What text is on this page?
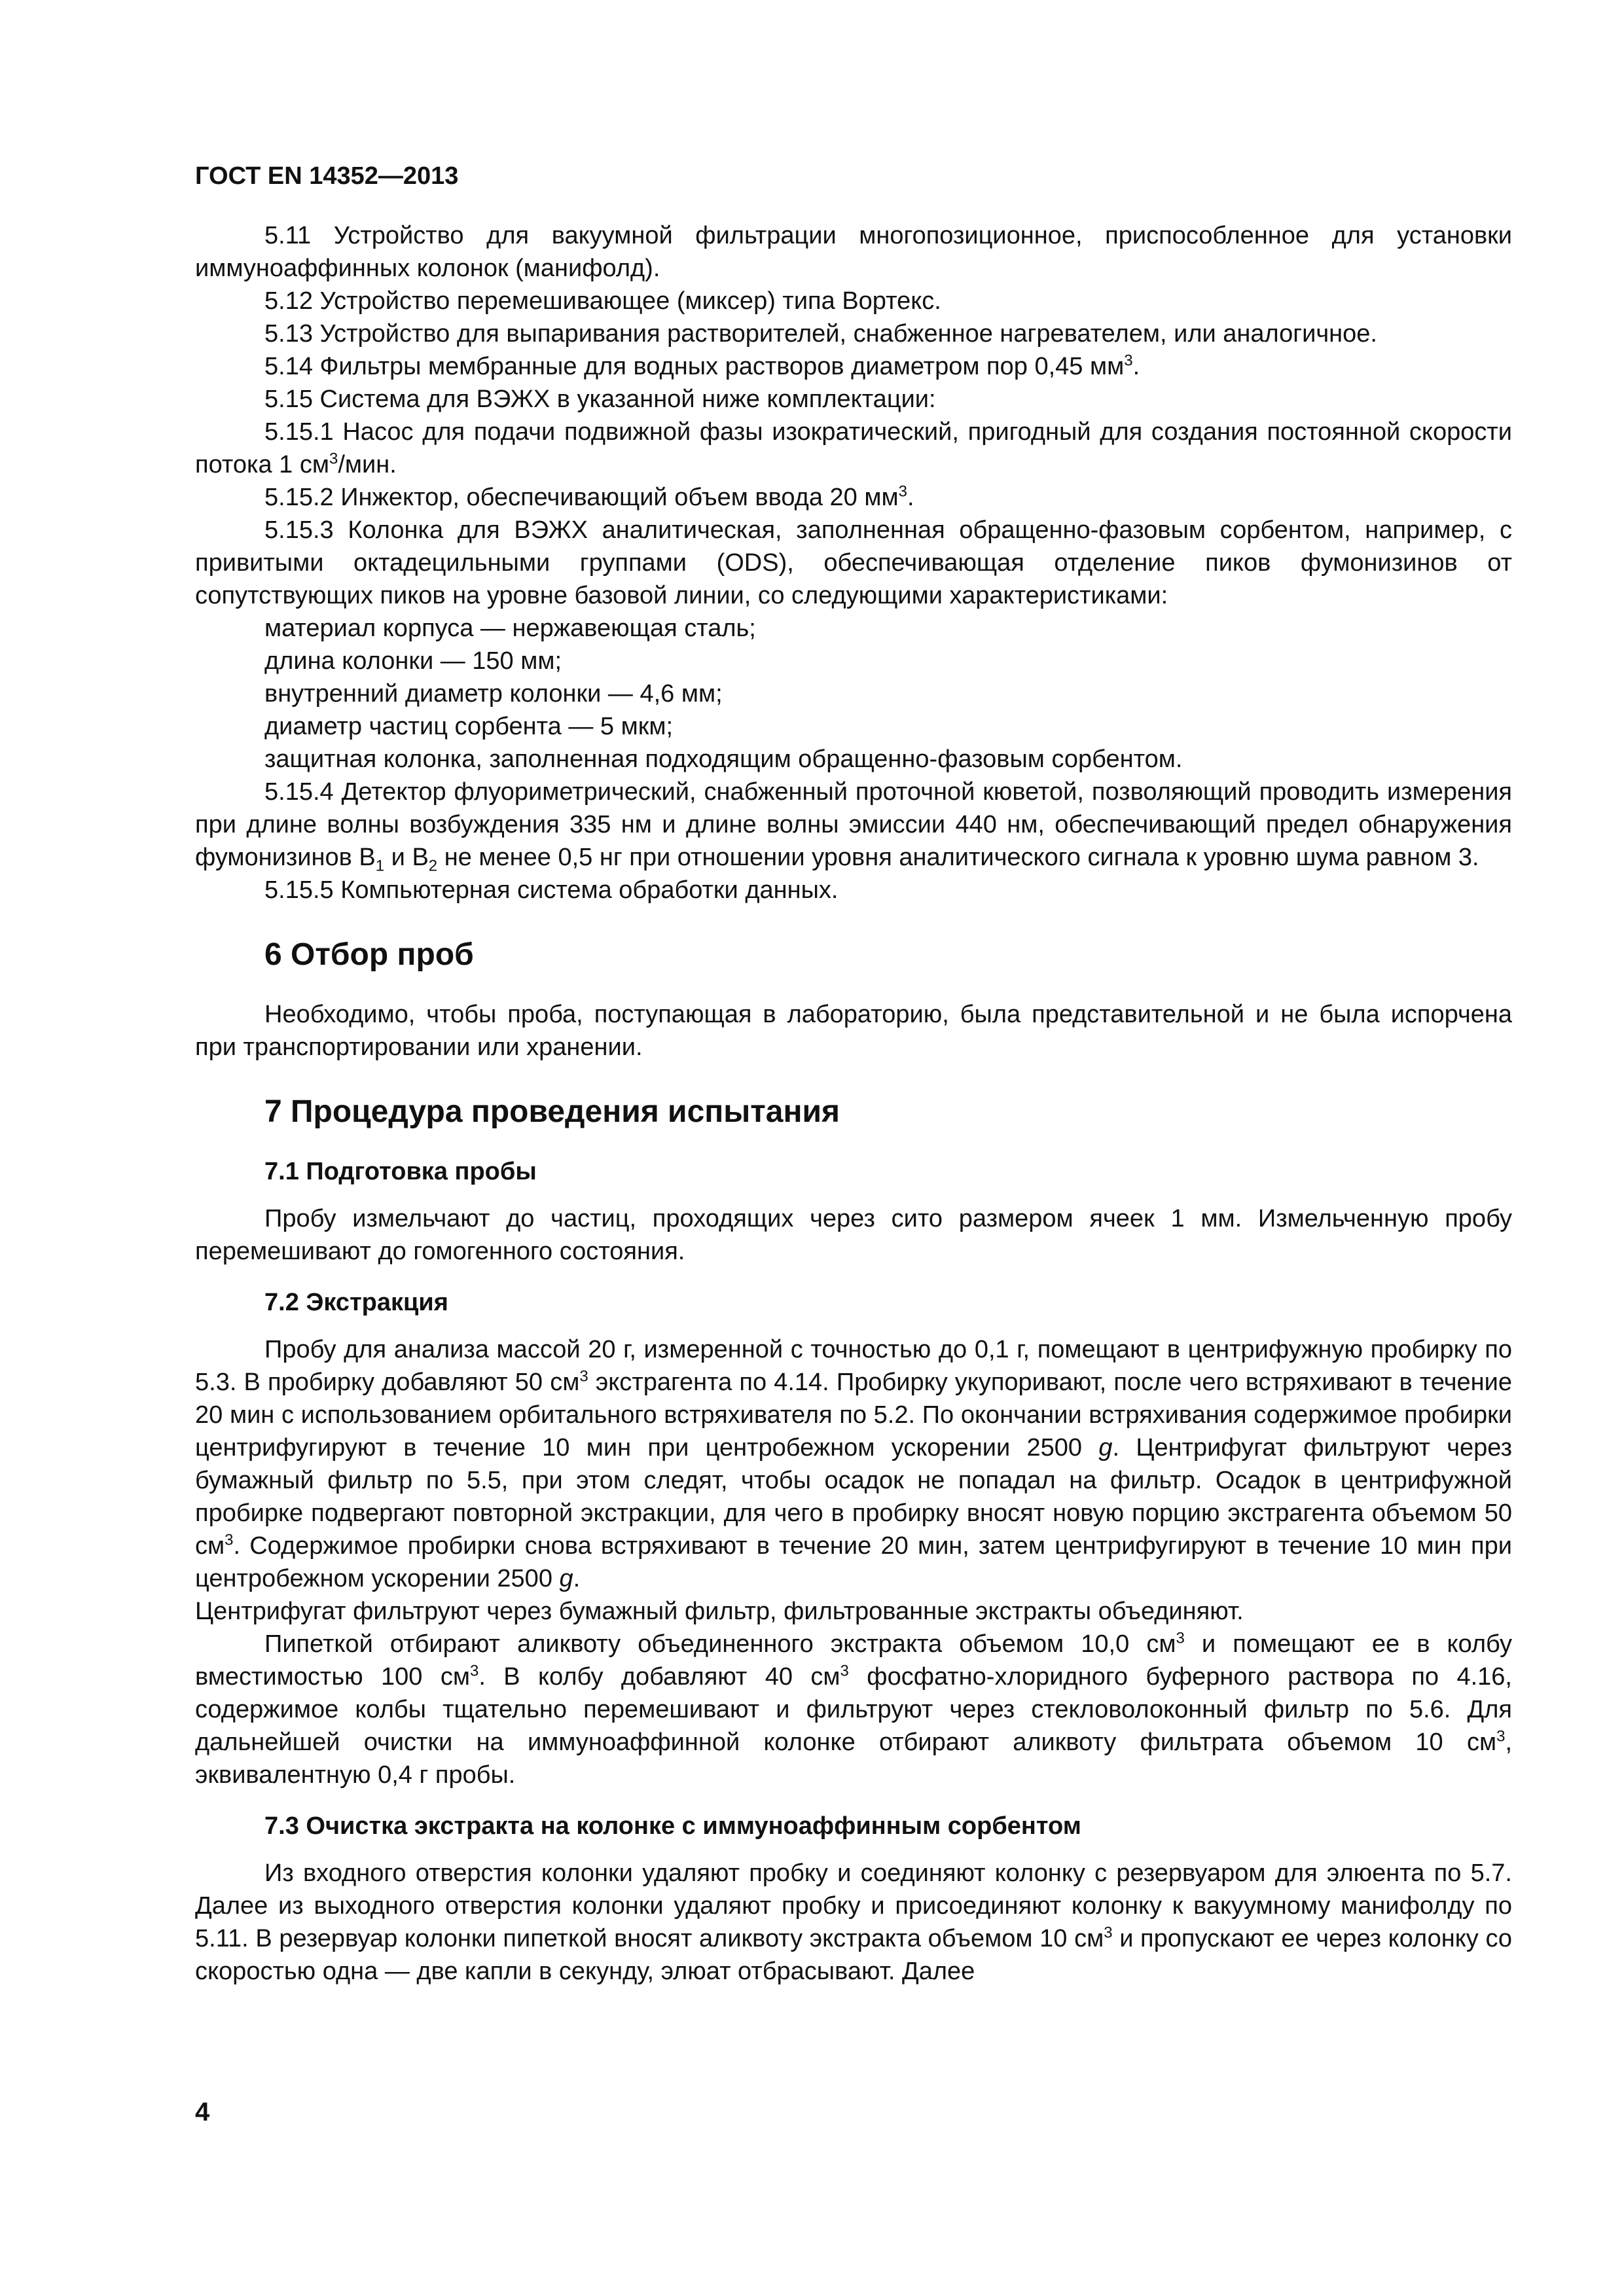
ГОСТ EN 14352—2013

5.11 Устройство для вакуумной фильтрации многопозиционное, приспособленное для установки иммуноаффинных колонок (манифолд).

5.12 Устройство перемешивающее (миксер) типа Вортекс.

5.13 Устройство для выпаривания растворителей, снабженное нагревателем, или аналогичное.

5.14 Фильтры мембранные для водных растворов диаметром пор 0,45 $мм^3$.

5.15 Система для ВЭЖХ в указанной ниже комплектации:

5.15.1 Насос для подачи подвижной фазы изократический, пригодный для создания постоянной скорости потока 1 $см^3$/мин.

5.15.2 Инжектор, обеспечивающий объем ввода 20 $мм^3$.

5.15.3 Колонка для ВЭЖХ аналитическая, заполненная обращенно-фазовым сорбентом, например, с привитыми октадецильными группами (ODS), обеспечивающая отделение пиков фумонизинов от сопутствующих пиков на уровне базовой линии, со следующими характеристиками:

материал корпуса — нержавеющая сталь;

длина колонки — 150 мм;

внутренний диаметр колонки — 4,6 мм;

диаметр частиц сорбента — 5 мкм;

защитная колонка, заполненная подходящим обращенно-фазовым сорбентом.

5.15.4 Детектор флуориметрический, снабженный проточной кюветой, позволяющий проводить измерения при длине волны возбуждения 335 нм и длине волны эмиссии 440 нм, обеспечивающий предел обнаружения фумонизинов $В_1$ и $В_2$ не менее 0,5 нг при отношении уровня аналитического сигнала к уровню шума равном 3.

5.15.5 Компьютерная система обработки данных.

6 Отбор проб

Необходимо, чтобы проба, поступающая в лабораторию, была представительной и не была испорчена при транспортировании или хранении.

7 Процедура проведения испытания
7.1 Подготовка пробы

Пробу измельчают до частиц, проходящих через сито размером ячеек 1 мм. Измельченную пробу перемешивают до гомогенного состояния.

7.2 Экстракция

Пробу для анализа массой 20 г, измеренной с точностью до 0,1 г, помещают в центрифужную пробирку по 5.3. В пробирку добавляют 50 $см^3$ экстрагента по 4.14. Пробирку укупоривают, после чего встряхивают в течение 20 мин с использованием орбитального встряхивателя по 5.2. По окончании встряхивания содержимое пробирки центрифугируют в течение 10 мин при центробежном ускорении 2500 g. Центрифугат фильтруют через бумажный фильтр по 5.5, при этом следят, чтобы осадок не попадал на фильтр. Осадок в центрифужной пробирке подвергают повторной экстракции, для чего в пробирку вносят новую порцию экстрагента объемом 50 $см^3$. Содержимое пробирки снова встряхивают в течение 20 мин, затем центрифугируют в течение 10 мин при центробежном ускорении 2500 g.

Центрифугат фильтруют через бумажный фильтр, фильтрованные экстракты объединяют.

Пипеткой отбирают аликвоту объединенного экстракта объемом 10,0 $см^3$ и помещают ее в колбу вместимостью 100 $см^3$. В колбу добавляют 40 $см^3$ фосфатно-хлоридного буферного раствора по 4.16, содержимое колбы тщательно перемешивают и фильтруют через стекловолоконный фильтр по 5.6. Для дальнейшей очистки на иммуноаффинной колонке отбирают аликвоту фильтрата объемом 10 $см^3$, эквивалентную 0,4 г пробы.

7.3 Очистка экстракта на колонке с иммуноаффинным сорбентом

Из входного отверстия колонки удаляют пробку и соединяют колонку с резервуаром для элюента по 5.7. Далее из выходного отверстия колонки удаляют пробку и присоединяют колонку к вакуумному манифолду по 5.11. В резервуар колонки пипеткой вносят аликвоту экстракта объемом 10 $см^3$ и пропускают ее через колонку со скоростью одна — две капли в секунду, элюат отбрасывают. Далее

4
